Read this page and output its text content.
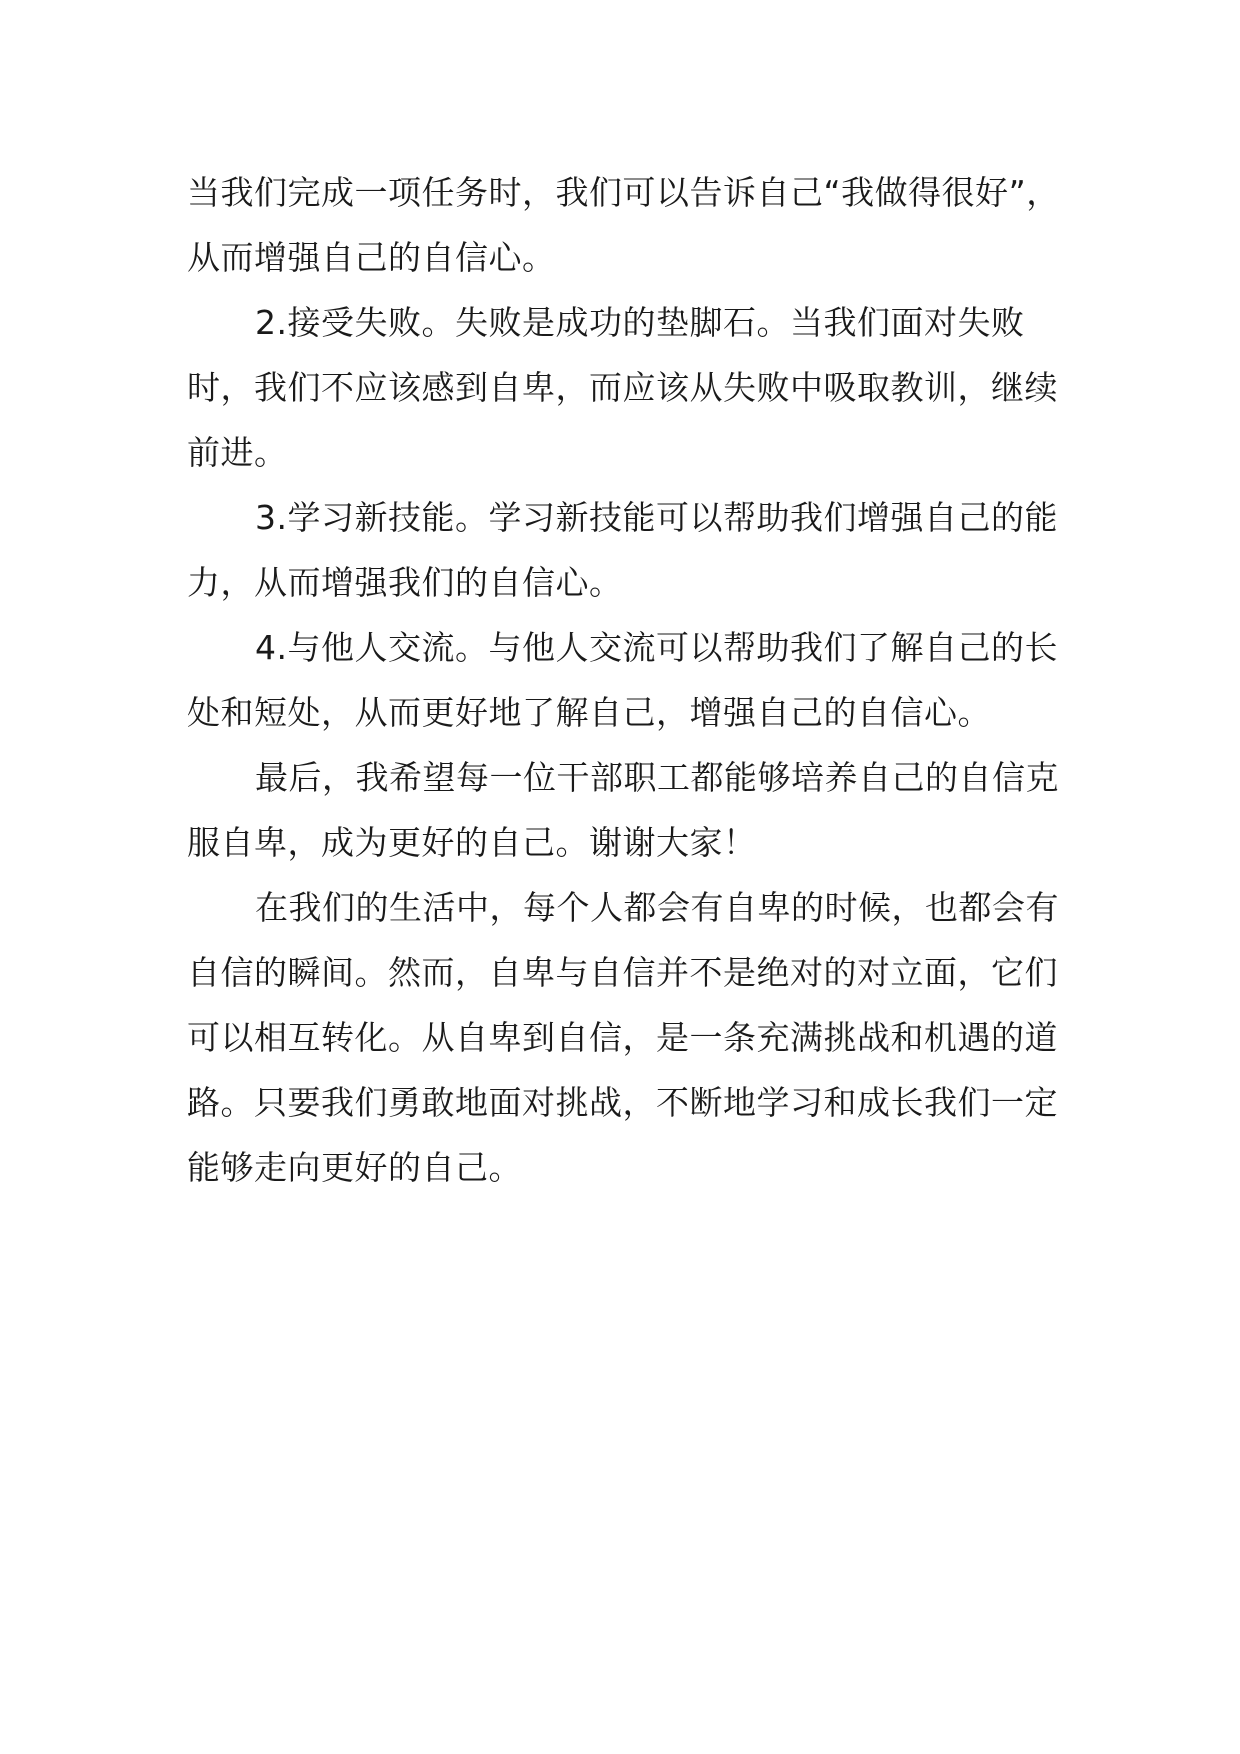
当我们完成一项任务时，我们可以告诉自己“我做得很好”，从而增强自己的自信心。

2.接受失败。失败是成功的垫脚石。当我们面对失败时，我们不应该感到自卑，而应该从失败中吸取教训，继续前进。

3.学习新技能。学习新技能可以帮助我们增强自己的能力，从而增强我们的自信心。

4.与他人交流。与他人交流可以帮助我们了解自己的长处和短处，从而更好地了解自己，增强自己的自信心。

最后，我希望每一位干部职工都能够培养自己的自信克服自卑，成为更好的自己。谢谢大家！

在我们的生活中，每个人都会有自卑的时候，也都会有自信的瞬间。然而，自卑与自信并不是绝对的对立面，它们可以相互转化。从自卑到自信，是一条充满挑战和机遇的道路。只要我们勇敢地面对挑战，不断地学习和成长我们一定能够走向更好的自己。
